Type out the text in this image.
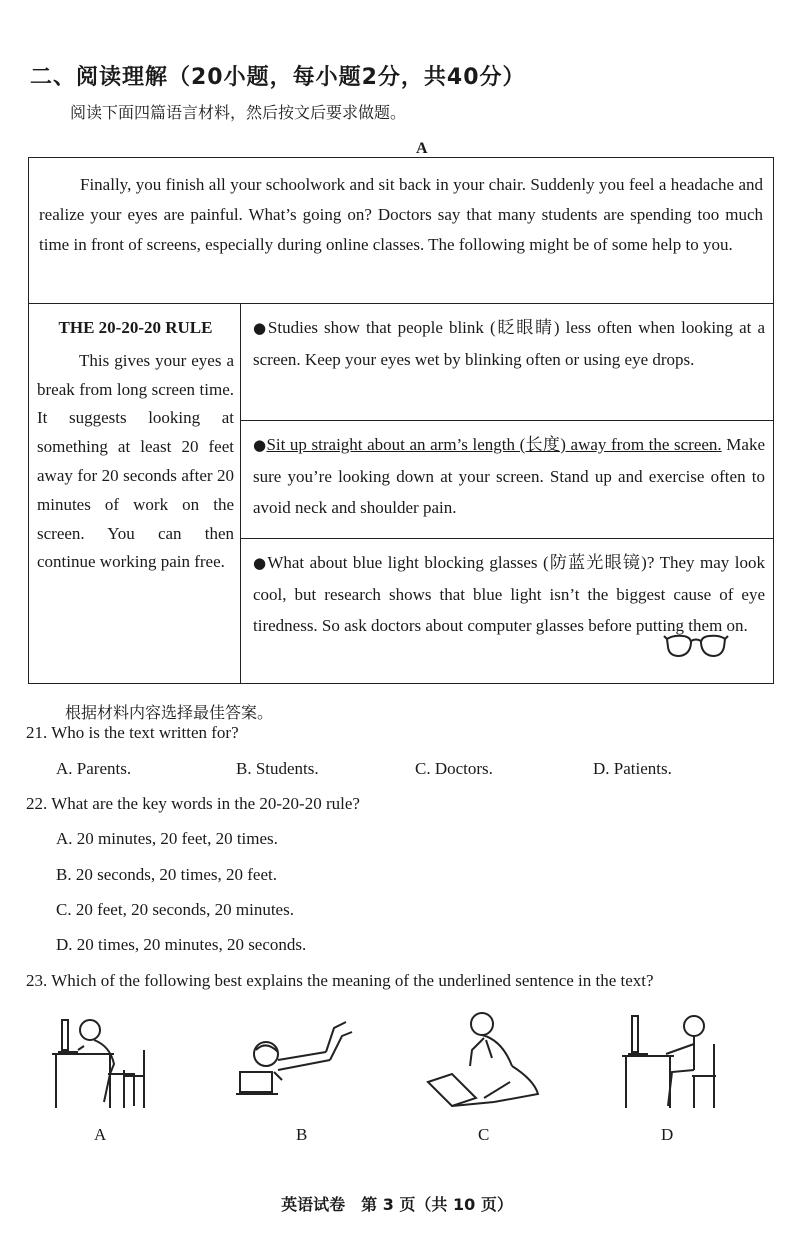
二、阅读理解（20小题，每小题2分，共40分）
阅读下面四篇语言材料，然后按文后要求做题。
A

Finally, you finish all your schoolwork and sit back in your chair. Suddenly you feel a headache and realize your eyes are painful. What’s going on? Doctors say that many students are spending too much time in front of screens, especially during online classes. The following might be of some help to you.

THE 20-20-20 RULE

This gives your eyes a break from long screen time. It suggests looking at something at least 20 feet away for 20 seconds after 20 minutes of work on the screen. You can then continue working pain free.

●Studies show that people blink (眨眼睛) less often when looking at a screen. Keep your eyes wet by blinking often or using eye drops.
●Sit up straight about an arm’s length (长度) away from the screen. Make sure you’re looking down at your screen. Stand up and exercise often to avoid neck and shoulder pain.
●What about blue light blocking glasses (防蓝光眼镜)? They may look cool, but research shows that blue light isn’t the biggest cause of eye tiredness. So ask doctors about computer glasses before putting them on.
根据材料内容选择最佳答案。
21. Who is the text written for?
A. Parents.	B. Students.	C. Doctors.	D. Patients.
22. What are the key words in the 20-20-20 rule?
A. 20 minutes, 20 feet, 20 times.
B. 20 seconds, 20 times, 20 feet.
C. 20 feet, 20 seconds, 20 minutes.
D. 20 times, 20 minutes, 20 seconds.
23. Which of the following best explains the meaning of the underlined sentence in the text?
A	B	C	D
英语试卷　第 3 页（共 10 页）
